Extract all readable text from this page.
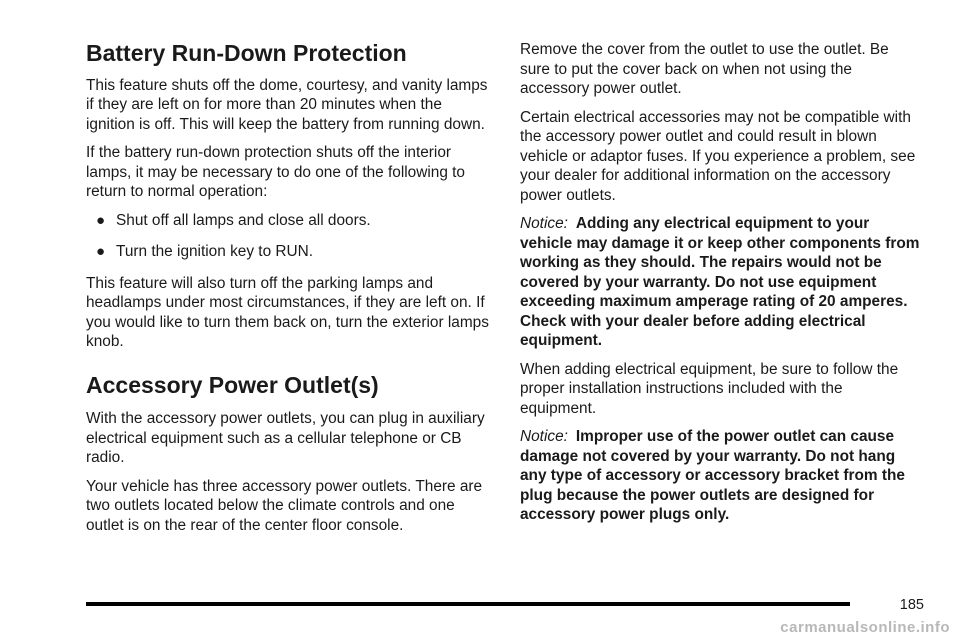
Battery Run-Down Protection

This feature shuts off the dome, courtesy, and vanity lamps if they are left on for more than 20 minutes when the ignition is off. This will keep the battery from running down.

If the battery run-down protection shuts off the interior lamps, it may be necessary to do one of the following to return to normal operation:

● Shut off all lamps and close all doors.
● Turn the ignition key to RUN.

This feature will also turn off the parking lamps and headlamps under most circumstances, if they are left on. If you would like to turn them back on, turn the exterior lamps knob.

Accessory Power Outlet(s)

With the accessory power outlets, you can plug in auxiliary electrical equipment such as a cellular telephone or CB radio.

Your vehicle has three accessory power outlets. There are two outlets located below the climate controls and one outlet is on the rear of the center floor console.

Remove the cover from the outlet to use the outlet. Be sure to put the cover back on when not using the accessory power outlet.

Certain electrical accessories may not be compatible with the accessory power outlet and could result in blown vehicle or adaptor fuses. If you experience a problem, see your dealer for additional information on the accessory power outlets.

Notice: Adding any electrical equipment to your vehicle may damage it or keep other components from working as they should. The repairs would not be covered by your warranty. Do not use equipment exceeding maximum amperage rating of 20 amperes. Check with your dealer before adding electrical equipment.

When adding electrical equipment, be sure to follow the proper installation instructions included with the equipment.

Notice: Improper use of the power outlet can cause damage not covered by your warranty. Do not hang any type of accessory or accessory bracket from the plug because the power outlets are designed for accessory power plugs only.

185
carmanualsonline.info
